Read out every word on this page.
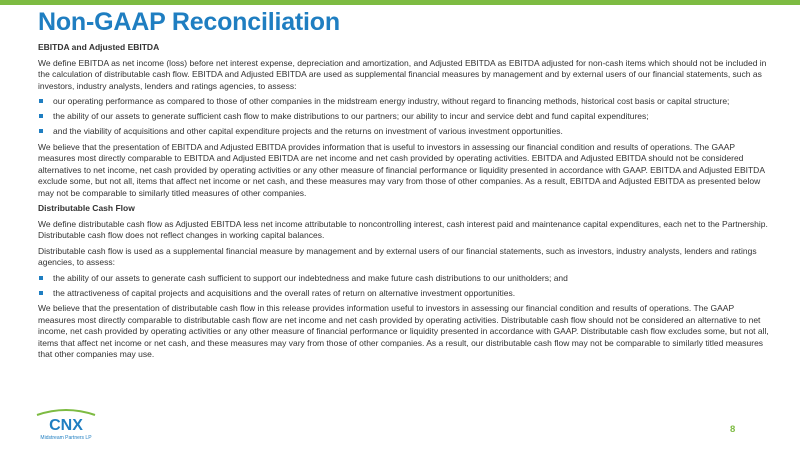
Non-GAAP Reconciliation

EBITDA and Adjusted EBITDA

We define EBITDA as net income (loss) before net interest expense, depreciation and amortization, and Adjusted EBITDA as EBITDA adjusted for non-cash items which should not be included in the calculation of distributable cash flow. EBITDA and Adjusted EBITDA are used as supplemental financial measures by management and by external users of our financial statements, such as investors, industry analysts, lenders and ratings agencies, to assess:

our operating performance as compared to those of other companies in the midstream energy industry, without regard to financing methods, historical cost basis or capital structure;
the ability of our assets to generate sufficient cash flow to make distributions to our partners; our ability to incur and service debt and fund capital expenditures;
and the viability of acquisitions and other capital expenditure projects and the returns on investment of various investment opportunities.

We believe that the presentation of EBITDA and Adjusted EBITDA provides information that is useful to investors in assessing our financial condition and results of operations. The GAAP measures most directly comparable to EBITDA and Adjusted EBITDA are net income and net cash provided by operating activities. EBITDA and Adjusted EBITDA should not be considered alternatives to net income, net cash provided by operating activities or any other measure of financial performance or liquidity presented in accordance with GAAP. EBITDA and Adjusted EBITDA exclude some, but not all, items that affect net income or net cash, and these measures may vary from those of other companies. As a result, EBITDA and Adjusted EBITDA as presented below may not be comparable to similarly titled measures of other companies.

Distributable Cash Flow

We define distributable cash flow as Adjusted EBITDA less net income attributable to noncontrolling interest, cash interest paid and maintenance capital expenditures, each net to the Partnership. Distributable cash flow does not reflect changes in working capital balances.

Distributable cash flow is used as a supplemental financial measure by management and by external users of our financial statements, such as investors, industry analysts, lenders and ratings agencies, to assess:

the ability of our assets to generate cash sufficient to support our indebtedness and make future cash distributions to our unitholders; and
the attractiveness of capital projects and acquisitions and the overall rates of return on alternative investment opportunities.

We believe that the presentation of distributable cash flow in this release provides information useful to investors in assessing our financial condition and results of operations. The GAAP measures most directly comparable to distributable cash flow are net income and net cash provided by operating activities. Distributable cash flow should not be considered an alternative to net income, net cash provided by operating activities or any other measure of financial performance or liquidity presented in accordance with GAAP. Distributable cash flow excludes some, but not all, items that affect net income or net cash, and these measures may vary from those of other companies. As a result, our distributable cash flow may not be comparable to similarly titled measures that other companies may use.

CNX
Midstream Partners LP
8
